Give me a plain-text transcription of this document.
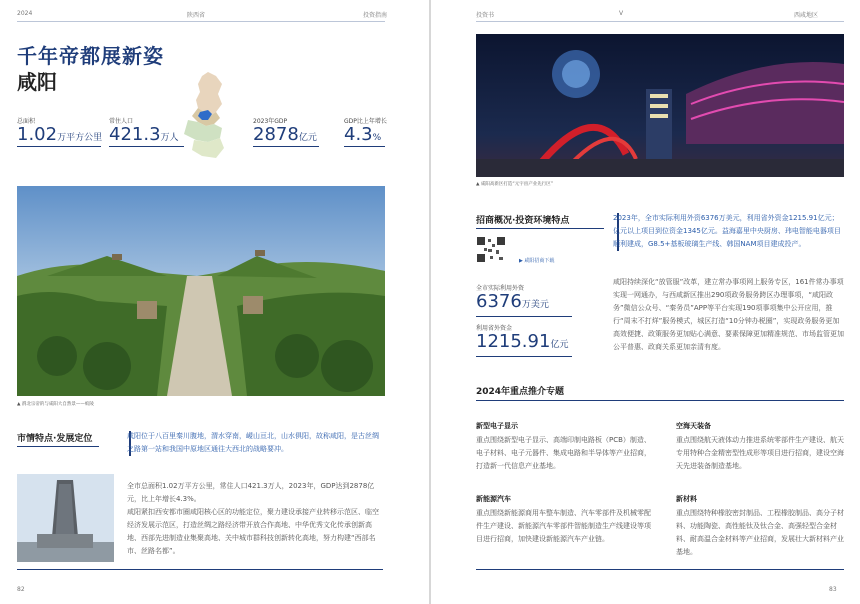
2024	陕西省	投资指南
千年帝都展新姿
咸阳
总面积
1.02万平方公里
常住人口
421.3万人
2023年GDP
2878亿元
GDP比上年增长
4.3%
▲ 渭北宗帝的与咸阳大自然景——蚁陵
市情特点·发展定位	咸阳位于八百里秦川腹地，渭水穿南，嵕山亘北，山水俱阳，故称咸阳，是古丝绸之路第一站和我国中原地区通往大西北的战略要冲。
全市总面积1.02万平方公里，常住人口421.3万人，2023年，GDP达到2878亿元，比上年增长4.3%。
咸阳紧扣西安都市圈咸阳核心区的功能定位，聚力建设承接产业转移示范区、临空经济发展示范区，打造丝绸之路经济带开放合作高地、中华优秀文化传承创新高地、西部先进制造业集聚高地、关中城市群科技创新转化高地，努力构建“西部名市、丝路名都”。
82
投资书	V	西咸地区
▲ 咸阳高新区打造“元宇宙产业先行区”
招商概况·投资环境特点
▶ 咸阳招商下载
2023年，全市实际利用外资6376万美元，利用省外资金1215.91亿元；亿元以上项目到位资金1345亿元。益海嘉里中央厨房、玮电智能电器项目顺利建成，G8.5+基板玻璃生产线、韩国NAM项目建成投产。
全市实际利用外资
6376万美元
利用省外资金
1215.91亿元
咸阳持续深化“放管服”改革，建立常办事项网上服务专区，161件常办事项实现一网通办，与西咸新区推出290项政务服务跨区办理事项，“咸阳政务”微信公众号、“秦务员”APP等平台实现190项事项集中公开应用，推行“周末不打烊”服务模式，城区打造“10分钟办税圈”，实现政务服务更加高效便捷、政策服务更加贴心满意、要素保障更加精准规范、市场监管更加公平普惠、政商关系更加亲清有度。
2024年重点推介专题
新型电子显示
重点围绕新型电子显示、高端印制电路板（PCB）制造、电子材料、电子元器件、集成电路和半导体等产业招商，打造新一代信息产业基地。
空海天装备
重点围绕航天液体动力推进系统零部件生产建设、航天专用特种合金精密型性成形等项目进行招商，建设空海天先进装备制造基地。
新能源汽车
重点围绕新能源商用车整车制造、汽车零部件及机械零配件生产建设、新能源汽车零部件智能制造生产线建设等项目进行招商，加快建设新能源汽车产业链。
新材料
重点围绕特种橡胶密封制品、工程橡胶制品、高分子材料、功能陶瓷、高性能钛及钛合金、高强轻型合金材料、耐高温合金材料等产业招商，发展壮大新材料产业基地。
83
